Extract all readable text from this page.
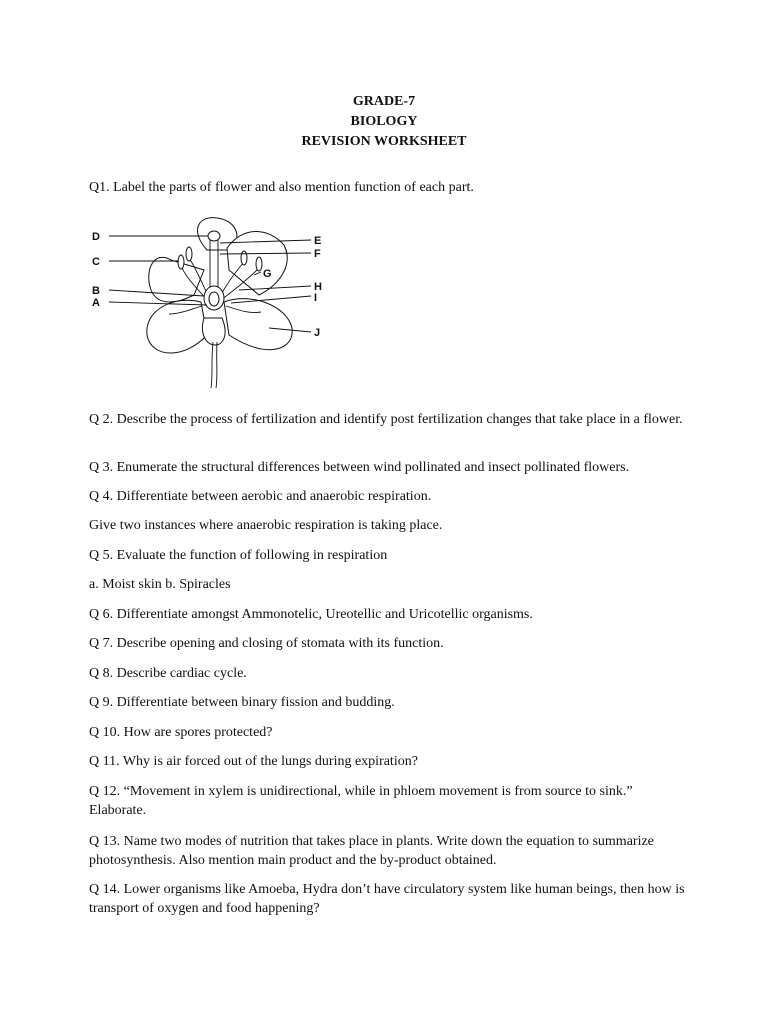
GRADE-7
BIOLOGY
REVISION WORKSHEET
Q1. Label the parts of flower and also mention function of each part.
D
C
B
A
E
F
G
H
I
J
Q 2. Describe the process of fertilization and identify post fertilization changes that take place in a flower.
Q 3. Enumerate the structural differences between wind pollinated and insect pollinated flowers.
Q 4. Differentiate between aerobic and anaerobic respiration.
Give two instances where anaerobic respiration is taking place.
Q 5. Evaluate the function of following in respiration
a. Moist skin b. Spiracles
Q 6. Differentiate amongst Ammonotelic, Ureotellic and Uricotellic organisms.
Q 7. Describe opening and closing of stomata with its function.
Q 8. Describe cardiac cycle.
Q 9. Differentiate between binary fission and budding.
Q 10. How are spores protected?
Q 11. Why is air forced out of the lungs during expiration?
Q 12. “Movement in xylem is unidirectional, while in phloem movement is from source to sink.” Elaborate.
Q 13. Name two modes of nutrition that takes place in plants. Write down the equation to summarize photosynthesis. Also mention main product and the by-product obtained.
Q 14. Lower organisms like Amoeba, Hydra don’t have circulatory system like human beings, then how is transport of oxygen and food happening?
